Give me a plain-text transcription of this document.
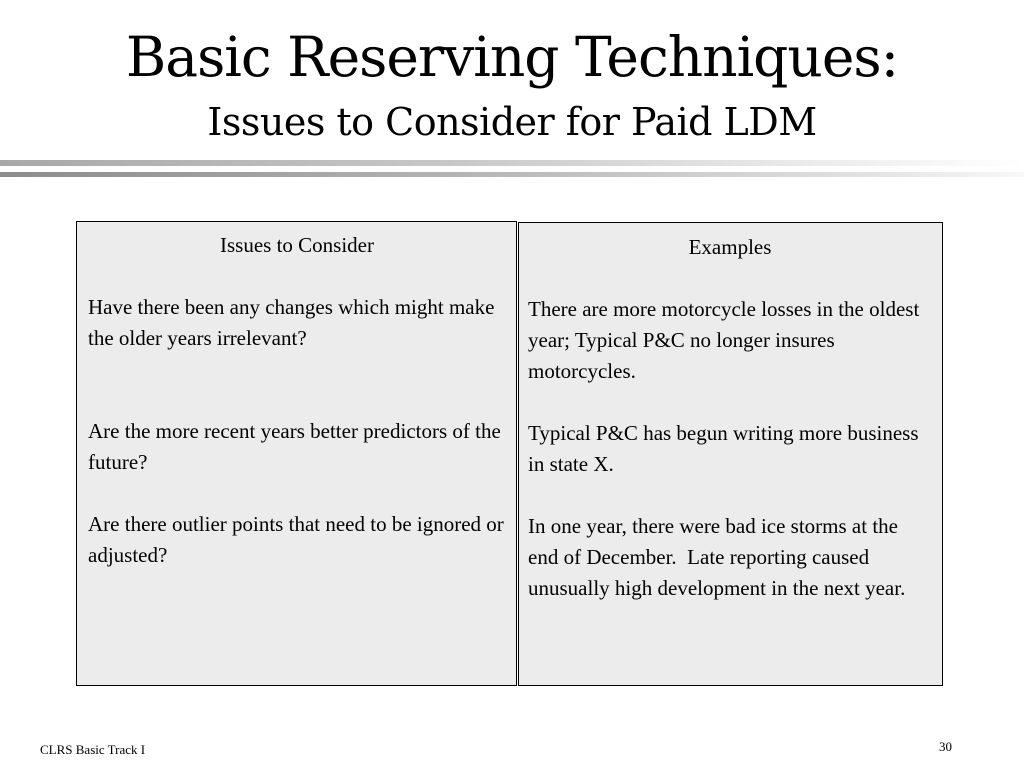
Basic Reserving Techniques:
Issues to Consider for Paid LDM

Issues to Consider

Have there been any changes which might make the older years irrelevant?

Are the more recent years better predictors of the future?

Are there outlier points that need to be ignored or adjusted?

Examples

There are more motorcycle losses in the oldest year; Typical P&C no longer insures motorcycles.

Typical P&C has begun writing more business in state X.

In one year, there were bad ice storms at the end of December.  Late reporting caused unusually high development in the next year.

CLRS Basic Track I	30
